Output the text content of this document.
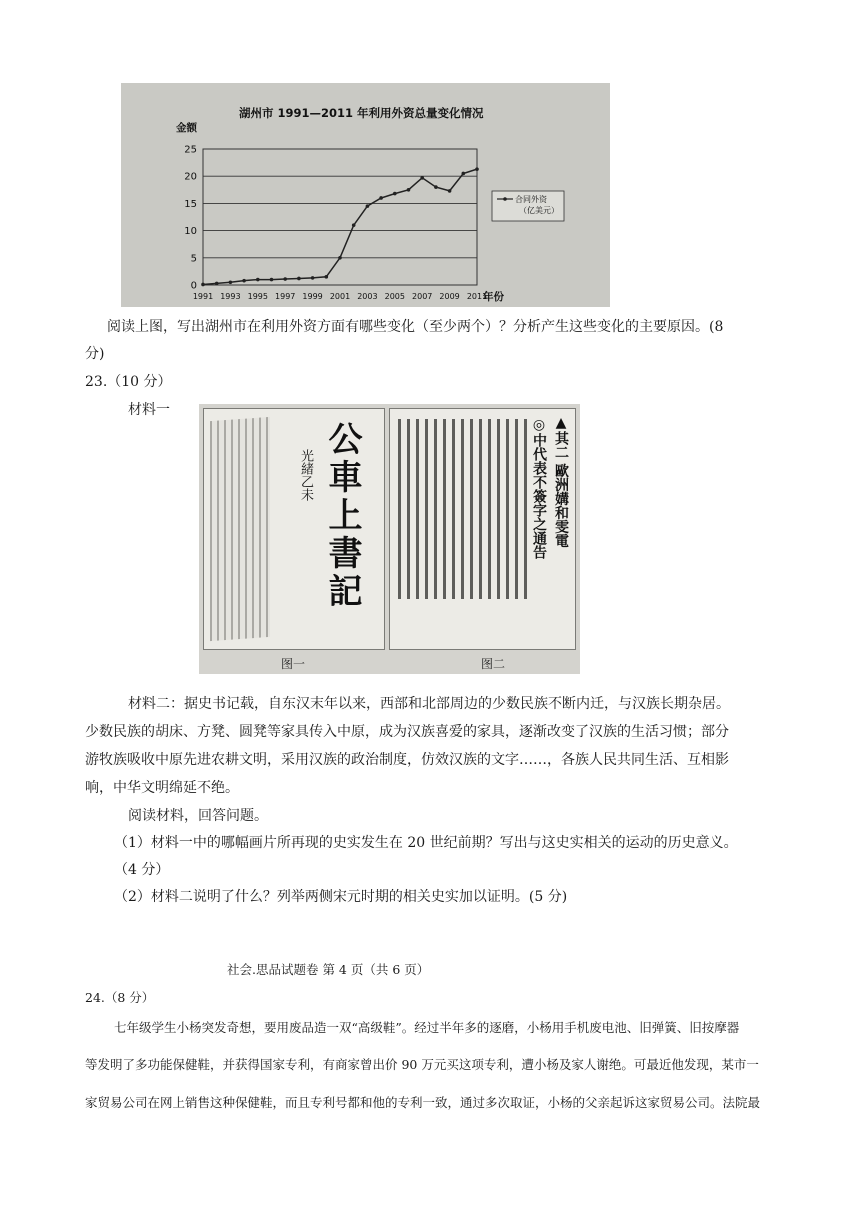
湖州市 1991—2011 年利用外资总量变化情况
金额
年份
0
5
10
15
20
25
1991 1993 1995 1997 1999 2001 2003 2005 2007 2009 2011
合同外资（亿美元）
阅读上图，写出湖州市在利用外资方面有哪些变化（至少两个）？分析产生这些变化的主要原因。(8
分)
23.（10 分）
材料一
光緒乙未 公車上書記
图一
▲其二 歐洲媾和雯電
◎中代表不簽字之通告
图二
材料二：据史书记载，自东汉末年以来，西部和北部周边的少数民族不断内迁，与汉族长期杂居。
少数民族的胡床、方凳、圆凳等家具传入中原，成为汉族喜爱的家具，逐渐改变了汉族的生活习惯；部分
游牧族吸收中原先进农耕文明，采用汉族的政治制度，仿效汉族的文字……，各族人民共同生活、互相影
响，中华文明绵延不绝。
阅读材料，回答问题。
（1）材料一中的哪幅画片所再现的史实发生在 20 世纪前期？写出与这史实相关的运动的历史意义。
（4 分）
（2）材料二说明了什么？列举两侧宋元时期的相关史实加以证明。(5 分)
社会.思品试题卷 第 4 页（共 6 页）
24.（8 分）
七年级学生小杨突发奇想，要用废品造一双“高级鞋”。经过半年多的逐磨，小杨用手机废电池、旧弹簧、旧按摩器
等发明了多功能保健鞋，并获得国家专利，有商家曾出价 90 万元买这项专利，遭小杨及家人谢绝。可最近他发现，某市一
家贸易公司在网上销售这种保健鞋，而且专利号都和他的专利一致，通过多次取证，小杨的父亲起诉这家贸易公司。法院最
